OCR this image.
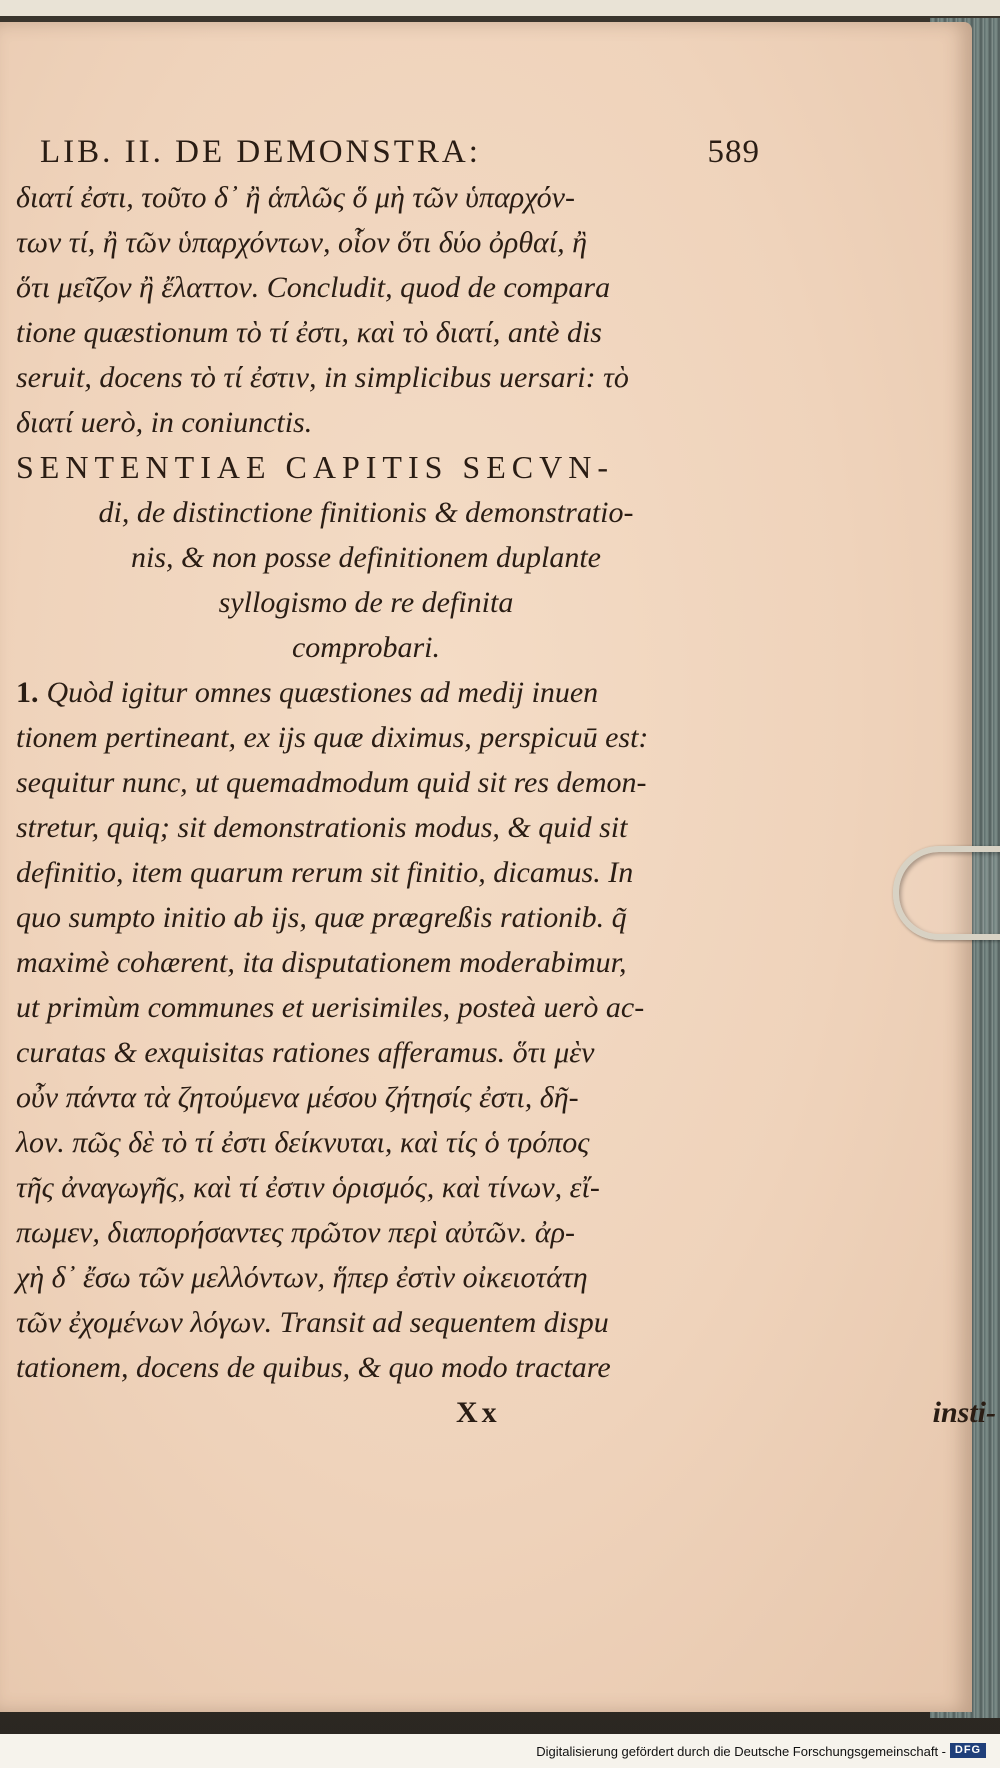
LIB. II. DE DEMONSTRA:	589
διατί ἐστι, τοῦτο δ᾽ ἢ ἁπλῶς ὅ μὴ τῶν ὑπαρχόν-
των τί, ἢ τῶν ὑπαρχόντων, οἷον ὅτι δύο ὀρθαί, ἢ
ὅτι μεῖζον ἢ ἔλαττον. Concludit, quod de compara
tione quæstionum τὸ τί ἐστι, καὶ τὸ διατί, antè dis
seruit, docens τὸ τί ἐστιν, in simplicibus uersari: τὸ
διατί uerò, in coniunctis.
SENTENTIAE CAPITIS SECVN-
di, de distinctione finitionis & demonstratio-
nis, & non posse definitionem duplante
syllogismo de re definita
comprobari.
1. Quòd igitur omnes quæstiones ad medij inuen
tionem pertineant, ex ijs quæ diximus, perspicuū est:
sequitur nunc, ut quemadmodum quid sit res demon-
stretur, quiq; sit demonstrationis modus, & quid sit
definitio, item quarum rerum sit finitio, dicamus. In
quo sumpto initio ab ijs, quæ prægreßis rationib. q̃
maximè cohærent, ita disputationem moderabimur,
ut primùm communes et uerisimiles, posteà uerò ac-
curatas & exquisitas rationes afferamus. ὅτι μὲν
οὖν πάντα τὰ ζητούμενα μέσου ζήτησίς ἐστι, δῆ-
λον. πῶς δὲ τὸ τί ἐστι δείκνυται, καὶ τίς ὁ τρόπος
τῆς ἀναγωγῆς, καὶ τί ἐστιν ὁρισμός, καὶ τίνων, εἴ-
πωμεν, διαπορήσαντες πρῶτον περὶ αὐτῶν. ἀρ-
χὴ δ᾽ ἔσω τῶν μελλόντων, ἥπερ ἐστὶν οἰκειοτάτη
τῶν ἐχομένων λόγων. Transit ad sequentem dispu
tationem, docens de quibus, & quo modo tractare
Xx	insti-
Digitalisierung gefördert durch die Deutsche Forschungsgemeinschaft - DFG
